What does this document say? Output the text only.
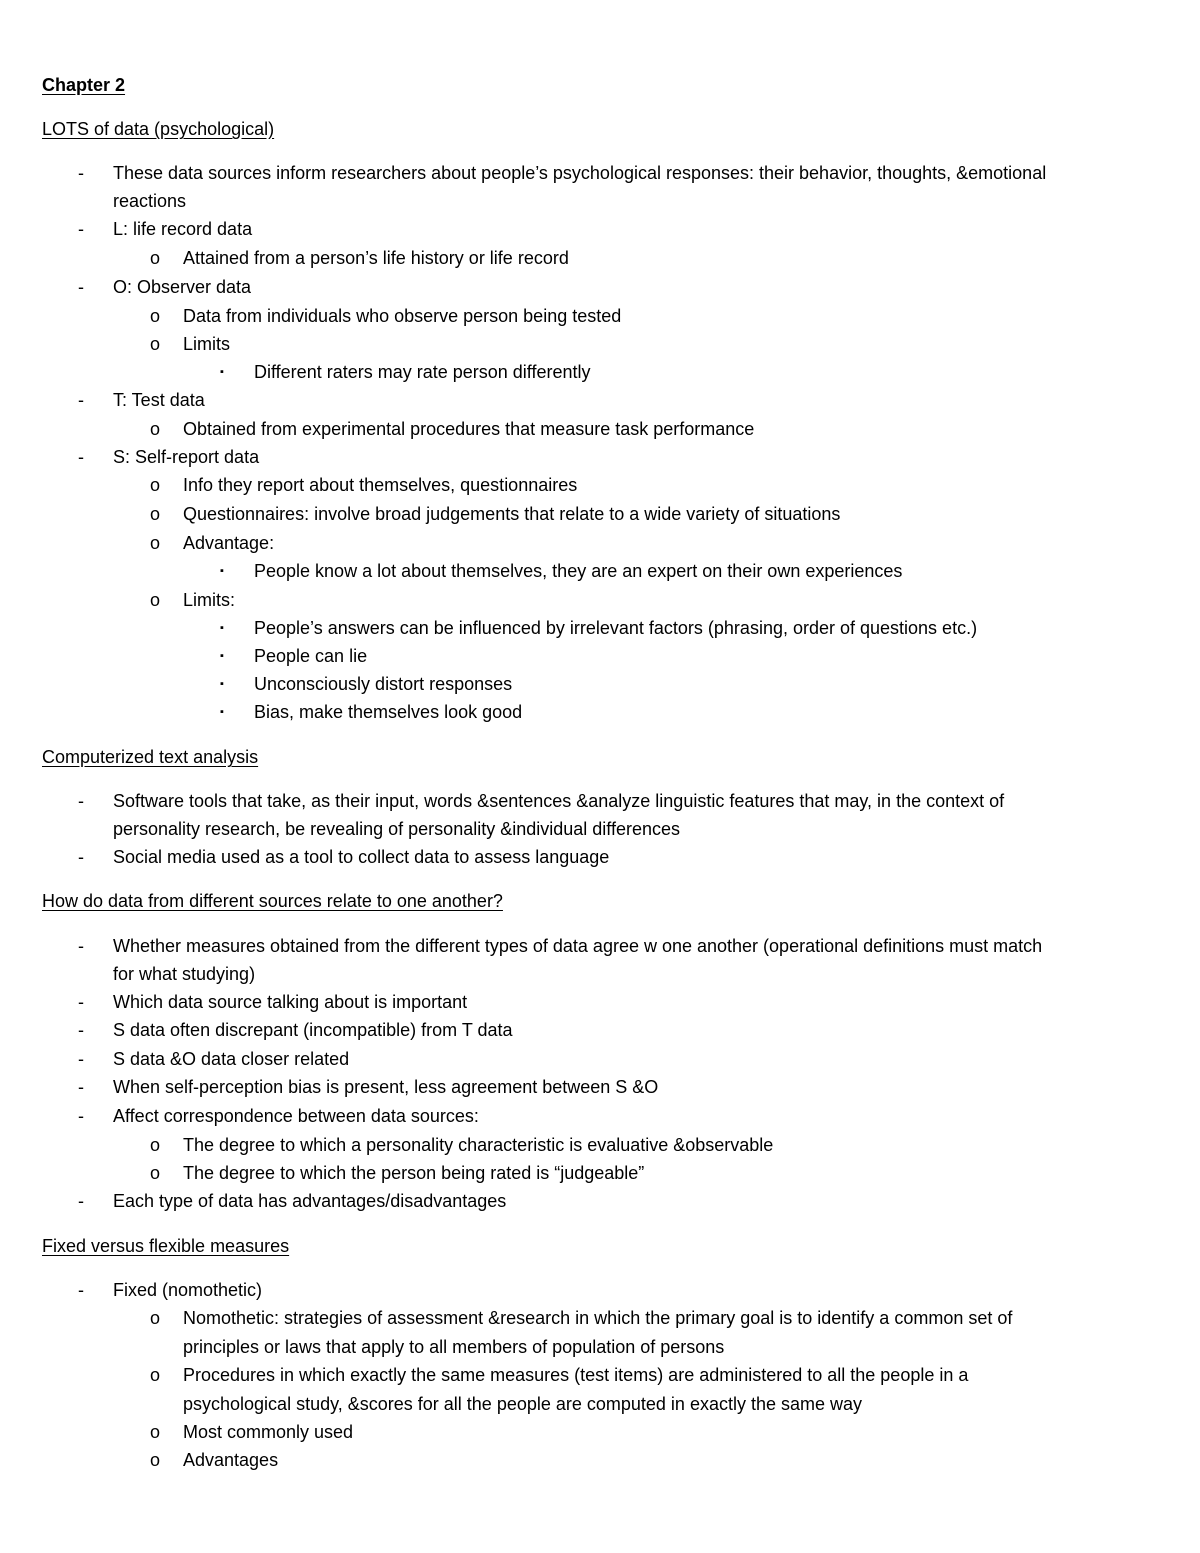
Chapter 2
LOTS of data (psychological)
- These data sources inform researchers about people’s psychological responses: their behavior, thoughts, &emotional
reactions
- L: life record data
o Attained from a person’s life history or life record
- O: Observer data
o Data from individuals who observe person being tested
o Limits
▪ Different raters may rate person differently
- T: Test data
o Obtained from experimental procedures that measure task performance
- S: Self-report data
o Info they report about themselves, questionnaires
o Questionnaires: involve broad judgements that relate to a wide variety of situations
o Advantage:
▪ People know a lot about themselves, they are an expert on their own experiences
o Limits:
▪ People’s answers can be influenced by irrelevant factors (phrasing, order of questions etc.)
▪ People can lie
▪ Unconsciously distort responses
▪ Bias, make themselves look good
Computerized text analysis
- Software tools that take, as their input, words &sentences &analyze linguistic features that may, in the context of
personality research, be revealing of personality &individual differences
- Social media used as a tool to collect data to assess language
How do data from different sources relate to one another?
- Whether measures obtained from the different types of data agree w one another (operational definitions must match
for what studying)
- Which data source talking about is important
- S data often discrepant (incompatible) from T data
- S data &O data closer related
- When self-perception bias is present, less agreement between S &O
- Affect correspondence between data sources:
o The degree to which a personality characteristic is evaluative &observable
o The degree to which the person being rated is “judgeable”
- Each type of data has advantages/disadvantages
Fixed versus flexible measures
- Fixed (nomothetic)
o Nomothetic: strategies of assessment &research in which the primary goal is to identify a common set of
principles or laws that apply to all members of population of persons
o Procedures in which exactly the same measures (test items) are administered to all the people in a
psychological study, &scores for all the people are computed in exactly the same way
o Most commonly used
o Advantages
